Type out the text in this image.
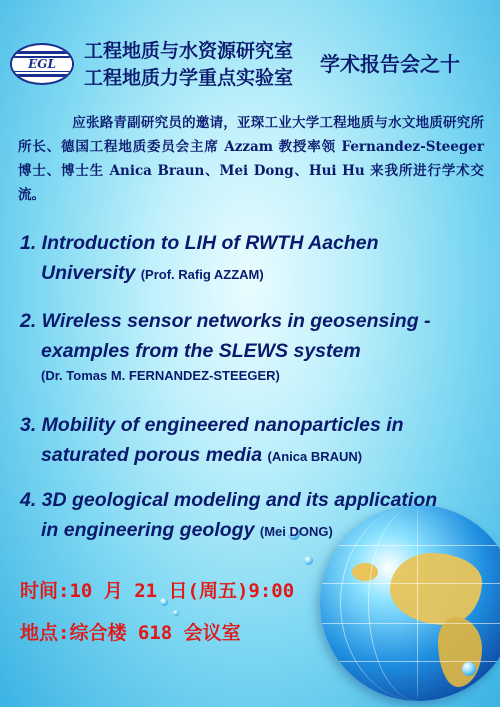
EGL
工程地质与水资源研究室
工程地质力学重点实验室
学术报告会之十
应张路青副研究员的邀请，亚琛工业大学工程地质与水文地质研究所所长、德国工程地质委员会主席 Azzam 教授率领 Fernandez-Steeger 博士、博士生 Anica Braun、Mei Dong、Hui Hu 来我所进行学术交流。
1. Introduction to LIH of RWTH Aachen
University (Prof. Rafig AZZAM)
2. Wireless sensor networks in geosensing -
examples from the SLEWS system
(Dr. Tomas M. FERNANDEZ-STEEGER)
3. Mobility of engineered nanoparticles in
saturated porous media (Anica BRAUN)
4. 3D geological modeling and its application
in engineering geology (Mei DONG)
时间:10 月 21 日(周五)9:00
地点:综合楼 618 会议室
